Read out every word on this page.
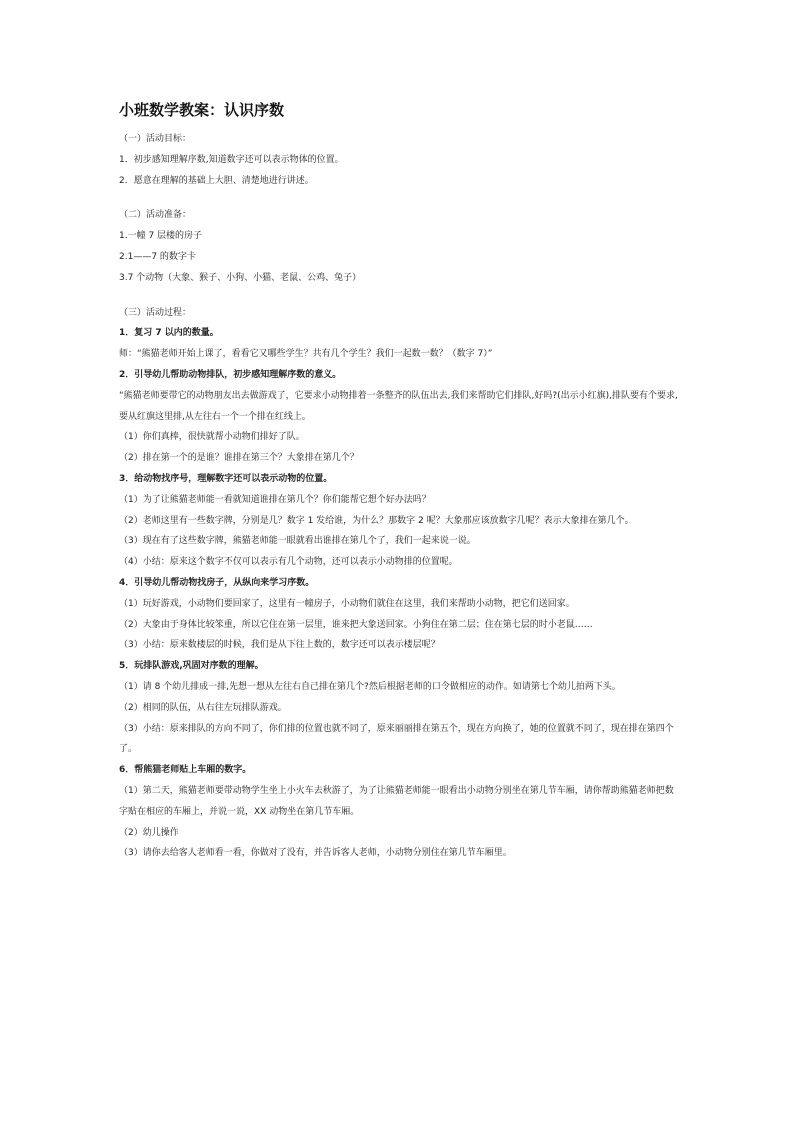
小班数学教案：认识序数
（一）活动目标：
1．初步感知理解序数,知道数字还可以表示物体的位置。
2．愿意在理解的基础上大胆、清楚地进行讲述。
（二）活动准备：
1.一幢 7 层楼的房子
2.1——7 的数字卡
3.7 个动物（大象、猴子、小狗、小猫、老鼠、公鸡、兔子）
（三）活动过程：
1．复习 7 以内的数量。
师：“熊猫老师开始上课了，看看它又哪些学生？共有几个学生？我们一起数一数？（数字 7）”
2．引导幼儿帮助动物排队，初步感知理解序数的意义。
“熊猫老师要带它的动物朋友出去做游戏了，它要求小动物排着一条整齐的队伍出去,我们来帮助它们排队,好吗?(出示小红旗),排队要有个要求,要从红旗这里排,从左往右一个一个排在红线上。
（1）你们真棒，很快就帮小动物们排好了队。
（2）排在第一个的是谁？谁排在第三个？大象排在第几个？
3．给动物找序号，理解数字还可以表示动物的位置。
（1）为了让熊猫老师能一看就知道谁排在第几个？你们能帮它想个好办法吗？
（2）老师这里有一些数字牌，分别是几？数字 1 发给谁，为什么？那数字 2 呢？大象那应该放数字几呢？表示大象排在第几个。
（3）现在有了这些数字牌，熊猫老师能一眼就看出谁排在第几个了，我们一起来说一说。
（4）小结：原来这个数字不仅可以表示有几个动物，还可以表示小动物排的位置呢。
4．引导幼儿帮动物找房子，从纵向来学习序数。
（1）玩好游戏，小动物们要回家了，这里有一幢房子，小动物们就住在这里，我们来帮助小动物，把它们送回家。
（2）大象由于身体比较笨重，所以它住在第一层里，谁来把大象送回家。小狗住在第二层；住在第七层的时小老鼠……
（3）小结：原来数楼层的时候，我们是从下往上数的，数字还可以表示楼层呢？
5．玩排队游戏,巩固对序数的理解。
（1）请 8 个幼儿排成一排,先想一想从左往右自己排在第几个?然后根据老师的口令做相应的动作。如请第七个幼儿拍两下头。
（2）相同的队伍，从右往左玩排队游戏。
（3）小结：原来排队的方向不同了，你们排的位置也就不同了，原来丽丽排在第五个，现在方向换了，她的位置就不同了，现在排在第四个了。
6．帮熊猫老师贴上车厢的数字。
（1）第二天，熊猫老师要带动物学生坐上小火车去秋游了，为了让熊猫老师能一眼看出小动物分别坐在第几节车厢，请你帮助熊猫老师把数字贴在相应的车厢上，并说一说，XX 动物坐在第几节车厢。
（2）幼儿操作
（3）请你去给客人老师看一看，你做对了没有，并告诉客人老师，小动物分别住在第几节车厢里。
